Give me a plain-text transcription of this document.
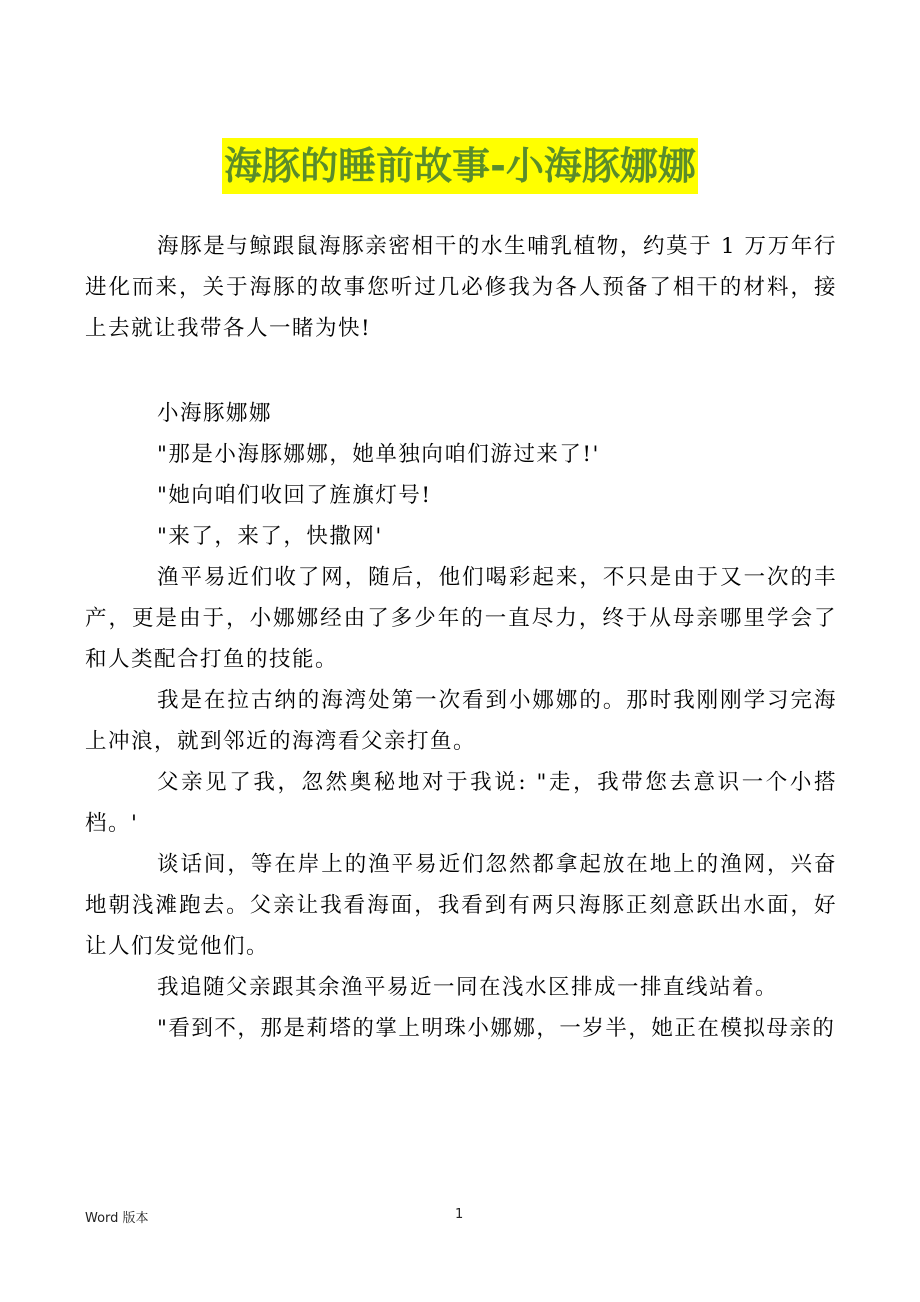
海豚的睡前故事-小海豚娜娜

海豚是与鲸跟鼠海豚亲密相干的水生哺乳植物，约莫于 1 万万年行进化而来，关于海豚的故事您听过几必修我为各人预备了相干的材料，接上去就让我带各人一睹为快!

小海豚娜娜

"那是小海豚娜娜，她单独向咱们游过来了!'

"她向咱们收回了旌旗灯号!

"来了，来了，快撒网'

渔平易近们收了网，随后，他们喝彩起来，不只是由于又一次的丰产，更是由于，小娜娜经由了多少年的一直尽力，终于从母亲哪里学会了和人类配合打鱼的技能。

我是在拉古纳的海湾处第一次看到小娜娜的。那时我刚刚学习完海上冲浪，就到邻近的海湾看父亲打鱼。

父亲见了我，忽然奥秘地对于我说: "走，我带您去意识一个小搭档。'

谈话间，等在岸上的渔平易近们忽然都拿起放在地上的渔网，兴奋地朝浅滩跑去。父亲让我看海面，我看到有两只海豚正刻意跃出水面，好让人们发觉他们。

我追随父亲跟其余渔平易近一同在浅水区排成一排直线站着。

"看到不，那是莉塔的掌上明珠小娜娜，一岁半，她正在模拟母亲的

Word 版本	1
